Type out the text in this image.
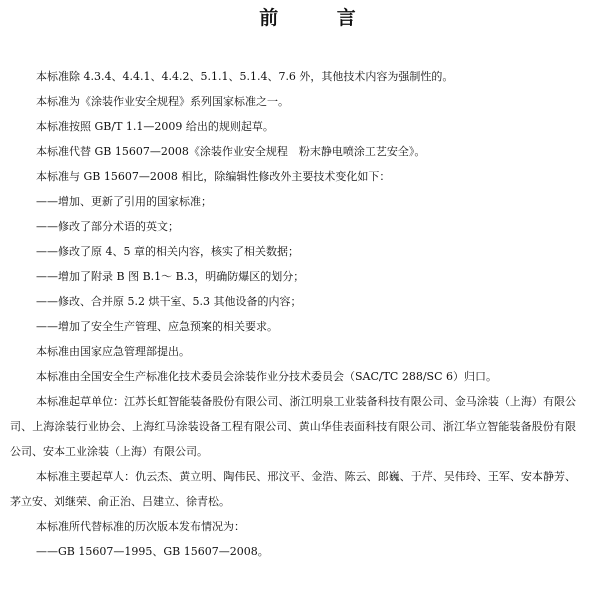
前 言

本标准除 4.3.4、4.4.1、4.4.2、5.1.1、5.1.4、7.6 外，其他技术内容为强制性的。

本标准为《涂装作业安全规程》系列国家标准之一。

本标准按照 GB/T 1.1—2009 给出的规则起草。

本标准代替 GB 15607—2008《涂装作业安全规程　粉末静电喷涂工艺安全》。

本标准与 GB 15607—2008 相比，除编辑性修改外主要技术变化如下：

——增加、更新了引用的国家标准；

——修改了部分术语的英文；

——修改了原 4、5 章的相关内容，核实了相关数据；

——增加了附录 B 图 B.1～ B.3，明确防爆区的划分；

——修改、合并原 5.2 烘干室、5.3 其他设备的内容；

——增加了安全生产管理、应急预案的相关要求。

本标准由国家应急管理部提出。

本标准由全国安全生产标准化技术委员会涂装作业分技术委员会（SAC/TC 288/SC 6）归口。

本标准起草单位：江苏长虹智能装备股份有限公司、浙江明泉工业装备科技有限公司、金马涂装（上海）有限公司、上海涂装行业协会、上海红马涂装设备工程有限公司、黄山华佳表面科技有限公司、浙江华立智能装备股份有限公司、安本工业涂装（上海）有限公司。

本标准主要起草人：仇云杰、黄立明、陶伟民、邢汶平、金浩、陈云、郎巍、于芹、吴伟玲、王军、安本静芳、茅立安、刘继荣、俞正治、吕建立、徐青松。

本标准所代替标准的历次版本发布情况为：

——GB 15607—1995、GB 15607—2008。
